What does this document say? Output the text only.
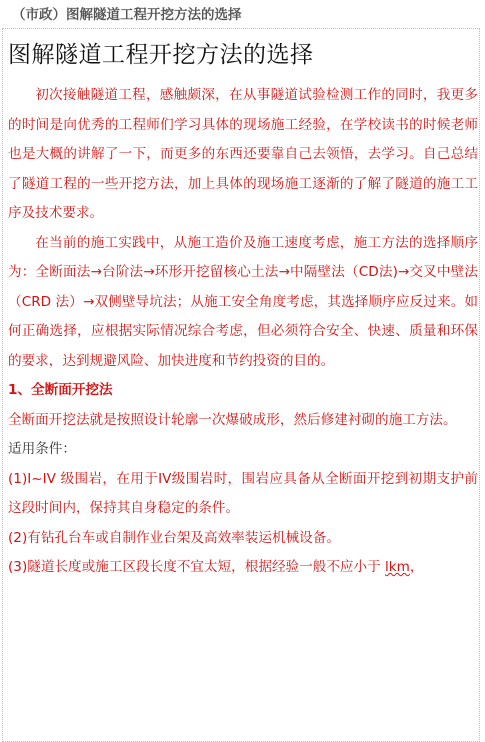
（市政）图解隧道工程开挖方法的选择
图解隧道工程开挖方法的选择

初次接触隧道工程，感触颇深，在从事隧道试验检测工作的同时，我更多的时间是向优秀的工程师们学习具体的现场施工经验，在学校读书的时候老师也是大概的讲解了一下，而更多的东西还要靠自己去领悟，去学习。自己总结了隧道工程的一些开挖方法，加上具体的现场施工逐渐的了解了隧道的施工工序及技术要求。

在当前的施工实践中，从施工造价及施工速度考虑，施工方法的选择顺序为：全断面法→台阶法→环形开挖留核心土法→中隔壁法（CD法)→交叉中壁法（CRD 法）→双侧壁导坑法；从施工安全角度考虑，其选择顺序应反过来。如何正确选择，应根据实际情况综合考虑，但必须符合安全、快速、质量和环保的要求，达到规避风险、加快进度和节约投资的目的。

1、全断面开挖法

全断面开挖法就是按照设计轮廓一次爆破成形，然后修建衬砌的施工方法。

适用条件：

(1)I~IV 级围岩，在用于IV级围岩时，围岩应具备从全断面开挖到初期支护前这段时间内，保持其自身稳定的条件。

(2)有钻孔台车或自制作业台架及高效率装运机械设备。

(3)隧道长度或施工区段长度不宜太短，根据经验一般不应小于 lkm，
